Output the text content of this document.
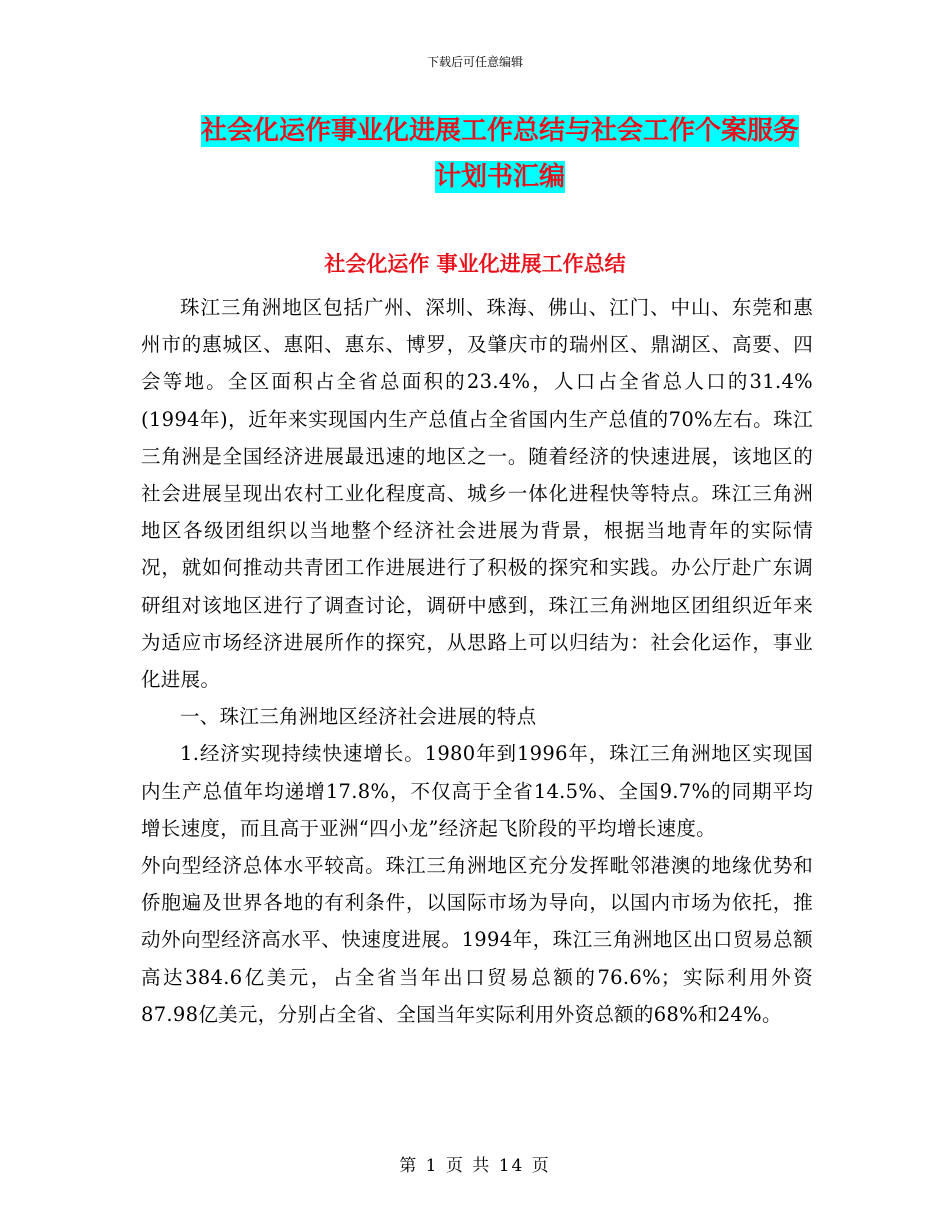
下载后可任意编辑
社会化运作事业化进展工作总结与社会工作个案服务
计划书汇编
社会化运作 事业化进展工作总结

珠江三角洲地区包括广州、深圳、珠海、佛山、江门、中山、东莞和惠州市的惠城区、惠阳、惠东、博罗，及肇庆市的瑞州区、鼎湖区、高要、四会等地。全区面积占全省总面积的23.4%，人口占全省总人口的31.4%(1994年)，近年来实现国内生产总值占全省国内生产总值的70%左右。珠江三角洲是全国经济进展最迅速的地区之一。随着经济的快速进展，该地区的社会进展呈现出农村工业化程度高、城乡一体化进程快等特点。珠江三角洲地区各级团组织以当地整个经济社会进展为背景，根据当地青年的实际情况，就如何推动共青团工作进展进行了积极的探究和实践。办公厅赴广东调研组对该地区进行了调查讨论，调研中感到，珠江三角洲地区团组织近年来为适应市场经济进展所作的探究，从思路上可以归结为：社会化运作，事业化进展。

一、珠江三角洲地区经济社会进展的特点

1.经济实现持续快速增长。1980年到1996年，珠江三角洲地区实现国内生产总值年均递增17.8%，不仅高于全省14.5%、全国9.7%的同期平均增长速度，而且高于亚洲“四小龙”经济起飞阶段的平均增长速度。

外向型经济总体水平较高。珠江三角洲地区充分发挥毗邻港澳的地缘优势和侨胞遍及世界各地的有利条件，以国际市场为导向，以国内市场为依托，推动外向型经济高水平、快速度进展。1994年，珠江三角洲地区出口贸易总额高达384.6亿美元，占全省当年出口贸易总额的76.6%；实际利用外资87.98亿美元，分别占全省、全国当年实际利用外资总额的68%和24%。

第 1 页 共 14 页
